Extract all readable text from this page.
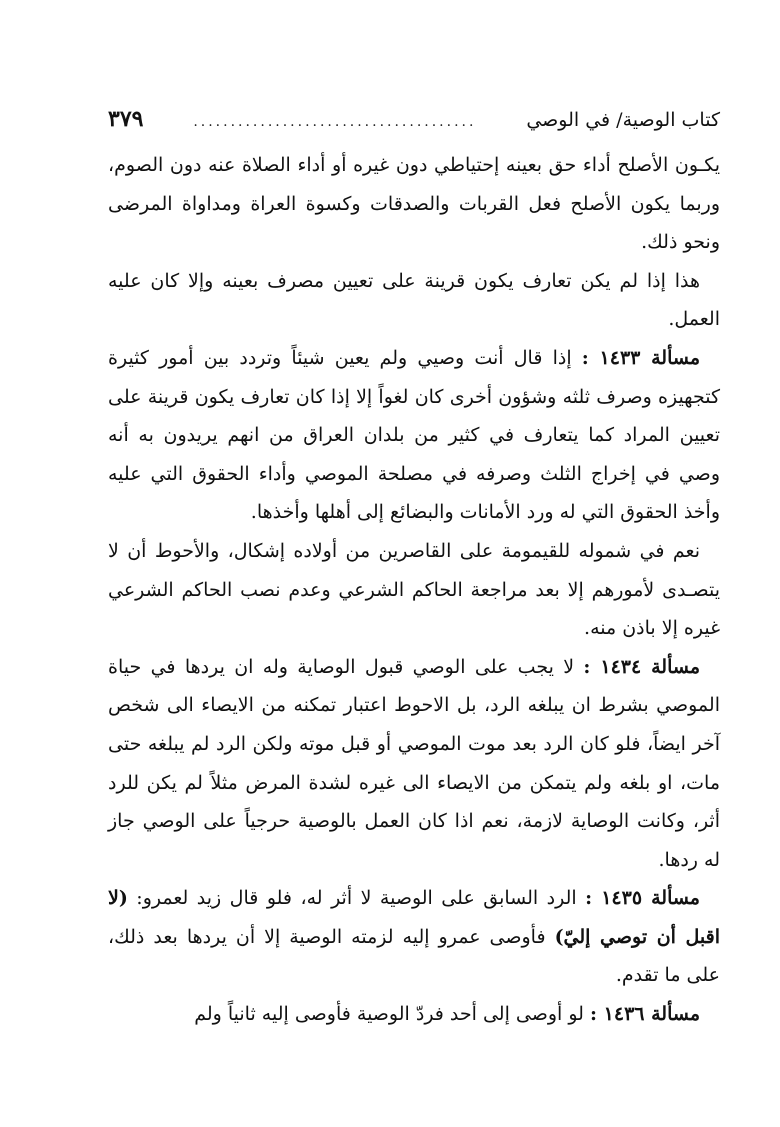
كتاب الوصية/ في الوصي
......................................
٣٧٩

يكـون الأصلح أداء حق بعينه إحتياطي دون غيره أو أداء الصلاة عنه دون الصوم، وربما يكون الأصلح فعل القربات والصدقات وكسوة العراة ومداواة المرضى ونحو ذلك.

هذا إذا لم يكن تعارف يكون قرينة على تعيين مصرف بعينه وإلا كان عليه العمل.

مسألة ١٤٣٣ : إذا قال أنت وصيي ولم يعين شيئاً وتردد بين أمور كثيرة كتجهيزه وصرف ثلثه وشؤون أخرى كان لغواً إلا إذا كان تعارف يكون قرينة على تعيين المراد كما يتعارف في كثير من بلدان العراق من انهم يريدون به أنه وصي في إخراج الثلث وصرفه في مصلحة الموصي وأداء الحقوق التي عليه وأخذ الحقوق التي له ورد الأمانات والبضائع إلى أهلها وأخذها.

نعم في شموله للقيمومة على القاصرين من أولاده إشكال، والأحوط أن لا يتصـدى لأمورهم إلا بعد مراجعة الحاكم الشرعي وعدم نصب الحاكم الشرعي غيره إلا باذن منه.

مسألة ١٤٣٤ : لا يجب على الوصي قبول الوصاية وله ان يردها في حياة الموصي بشرط ان يبلغه الرد، بل الاحوط اعتبار تمكنه من الايصاء الى شخص آخر ايضاً، فلو كان الرد بعد موت الموصي أو قبل موته ولكن الرد لم يبلغه حتى مات، او بلغه ولم يتمكن من الايصاء الى غيره لشدة المرض مثلاً لم يكن للرد أثر، وكانت الوصاية لازمة، نعم اذا كان العمل بالوصية حرجياً على الوصي جاز له ردها.

مسألة ١٤٣٥ : الرد السابق على الوصية لا أثر له، فلو قال زيد لعمرو: (لا اقبل أن توصي إليّ) فأوصى عمرو إليه لزمته الوصية إلا أن يردها بعد ذلك، على ما تقدم.

مسألة ١٤٣٦ : لو أوصى إلى أحد فردّ الوصية فأوصى إليه ثانياً ولم
